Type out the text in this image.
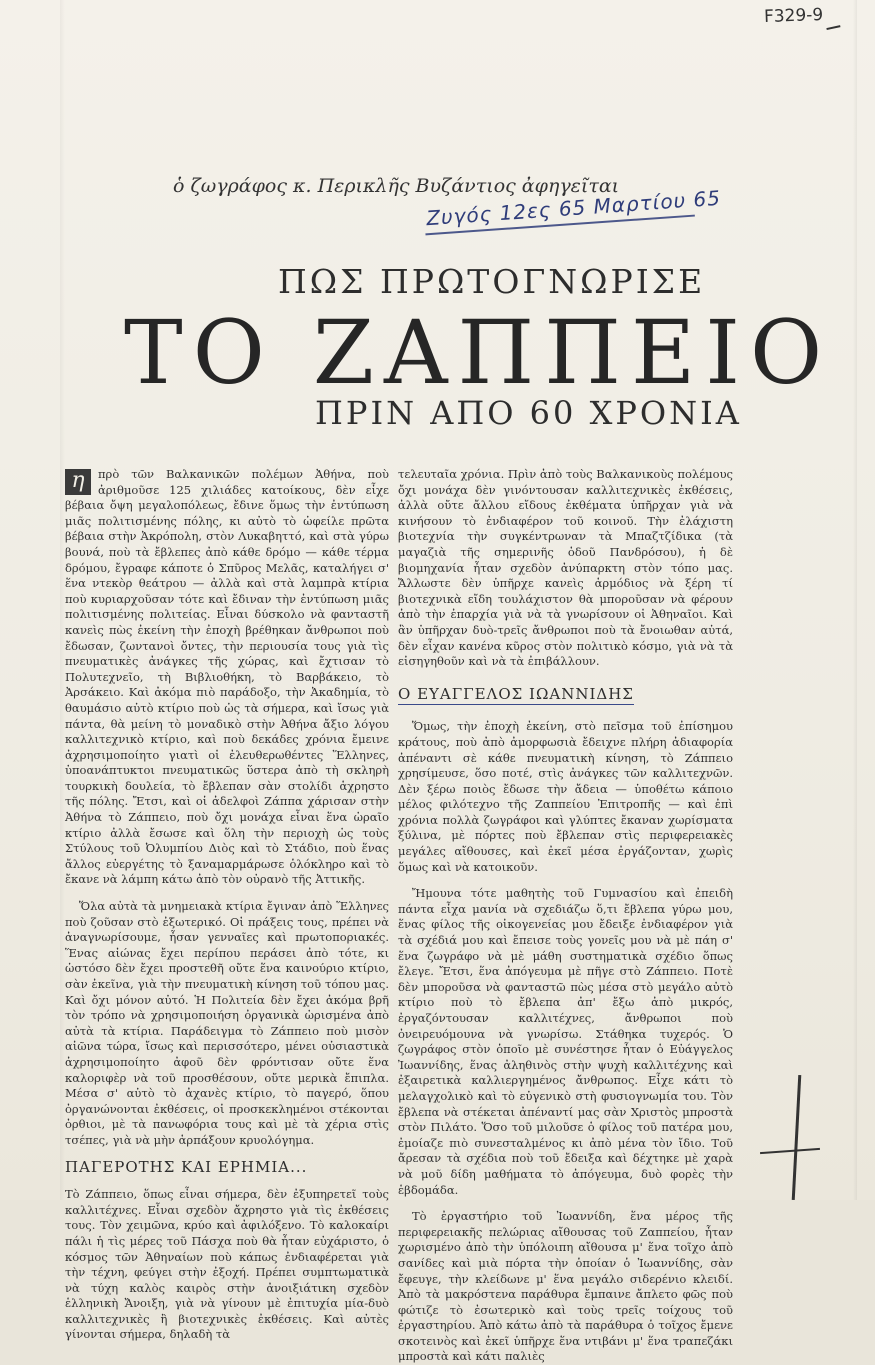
F329-9
ὁ ζωγράφος κ. Περικλῆς Βυζάντιος ἀφηγεῖται
Ζυγός 12ες 65 Μαρτίου 65
ΠΩΣ ΠΡΩΤΟΓΝΩΡΙΣΕ
ΤΟ ΖΑΠΠΕΙΟ
ΠΡΙΝ ΑΠΟ 60 ΧΡΟΝΙΑ

η	πρὸ τῶν Βαλκανικῶν πολέμων Ἀθήνα, ποὺ ἀριθμοῦσε 125 χιλιάδες κατοίκους, δὲν εἶχε βέβαια ὄψη μεγαλοπόλεως, ἔδινε ὅμως τὴν ἐντύπωση μιᾶς πολιτισμένης πόλης, κι αὐτὸ τὸ ὠφείλε πρῶτα βέβαια στὴν Ἀκρόπολη, στὸν Λυκαβηττό, καὶ στὰ γύρω βουνά, ποὺ τὰ ἔβλεπες ἀπὸ κάθε δρόμο — κάθε τέρμα δρόμου, ἔγραφε κάποτε ὁ Σπῦρος Μελᾶς, καταλήγει σ' ἕνα ντεκὸρ θεάτρου — ἀλλὰ καὶ στὰ λαμπρὰ κτίρια ποὺ κυριαρχοῦσαν τότε καὶ ἔδιναν τὴν ἐντύπωση μιᾶς πολιτισμένης πολιτείας. Εἶναι δύσκολο νὰ φανταστῆ κανεὶς πὼς ἐκείνη τὴν ἐποχὴ βρέθηκαν ἄνθρωποι ποὺ ἔδωσαν, ζωντανοὶ ὄντες, τὴν περιουσία τους γιὰ τὶς πνευματικὲς ἀνάγκες τῆς χώρας, καὶ ἔχτισαν τὸ Πολυτεχνεῖο, τὴ Βιβλιοθήκη, τὸ Βαρβάκειο, τὸ Ἀρσάκειο. Καὶ ἀκόμα πιὸ παράδοξο, τὴν Ἀκαδημία, τὸ θαυμάσιο αὐτὸ κτίριο ποὺ ὡς τὰ σήμερα, καὶ ἴσως γιὰ πάντα, θὰ μείνη τὸ μοναδικὸ στὴν Ἀθήνα ἄξιο λόγου καλλιτεχνικὸ κτίριο, καὶ ποὺ δεκάδες χρόνια ἔμεινε ἀχρησιμοποίητο γιατὶ οἱ ἐλευθερωθέντες Ἕλληνες, ὑποανάπτυκτοι πνευματικῶς ὕστερα ἀπὸ τὴ σκληρὴ τουρκικὴ δουλεία, τὸ ἔβλεπαν σὰν στολίδι ἁχρηστο τῆς πόλης. Ἔτσι, καὶ οἱ ἀδελφοὶ Ζάππα χάρισαν στὴν Ἀθήνα τὸ Ζάππειο, ποὺ ὄχι μονάχα εἶναι ἕνα ὡραῖο κτίριο ἀλλὰ ἔσωσε καὶ ὅλη τὴν περιοχὴ ὡς τοὺς Στύλους τοῦ Ὀλυμπίου Διὸς καὶ τὸ Στάδιο, ποὺ ἕνας ἄλλος εὐεργέτης τὸ ξαναμαρμάρωσε ὁλόκληρο καὶ τὸ ἔκανε νὰ λάμπη κάτω ἀπὸ τὸν οὐρανὸ τῆς Ἀττικῆς.

Ὅλα αὐτὰ τὰ μνημειακὰ κτίρια ἔγιναν ἀπὸ Ἕλληνες ποὺ ζοῦσαν στὸ ἐξωτερικό. Οἱ πράξεις τους, πρέπει νὰ ἀναγνωρίσουμε, ἦσαν γενναῖες καὶ πρωτοποριακές. Ἕνας αἰώνας ἔχει περίπου περάσει ἀπὸ τότε, κι ὡστόσο δὲν ἔχει προστεθῆ οὔτε ἕνα καινούριο κτίριο, σὰν ἐκεῖνα, γιὰ τὴν πνευματικὴ κίνηση τοῦ τόπου μας. Καὶ ὄχι μόνον αὐτό. Ἡ Πολιτεία δὲν ἔχει ἀκόμα βρῆ τὸν τρόπο νὰ χρησιμοποιήση ὀργανικὰ ὡρισμένα ἀπὸ αὐτὰ τὰ κτίρια. Παράδειγμα τὸ Ζάππειο ποὺ μισὸν αἰῶνα τώρα, ἴσως καὶ περισσότερο, μένει οὐσιαστικὰ ἀχρησιμοποίητο ἀφοῦ δὲν φρόντισαν οὔτε ἕνα καλοριφὲρ νὰ τοῦ προσθέσουν, οὔτε μερικὰ ἔπιπλα. Μέσα σ' αὐτὸ τὸ ἀχανὲς κτίριο, τὸ παγερό, ὅπου ὀργανώνονται ἐκθέσεις, οἱ προσκεκλημένοι στέκονται ὀρθιοι, μὲ τὰ πανωφόρια τους καὶ μὲ τὰ χέρια στὶς τσέπες, γιὰ νὰ μὴν ἁρπάξουν κρυολόγημα.

ΠΑΓΕΡΟΤΗΣ ΚΑΙ ΕΡΗΜΙΑ...

Τὸ Ζάππειο, ὅπως εἶναι σήμερα, δὲν ἐξυπηρετεῖ τοὺς καλλιτέχνες. Εἶναι σχεδὸν ἄχρηστο γιὰ τὶς ἐκθέσεις τους. Τὸν χειμῶνα, κρύο καὶ ἀφιλόξενο. Τὸ καλοκαίρι πάλι ἡ τὶς μέρες τοῦ Πάσχα ποὺ θὰ ἦταν εὐχάριστο, ὁ κόσμος τῶν Ἀθηναίων ποὺ κάπως ἐνδιαφέρεται γιὰ τὴν τέχνη, φεύγει στὴν ἐξοχή. Πρέπει συμπτωματικὰ νὰ τύχη καλὸς καιρὸς στὴν ἀνοιξιάτικη σχεδὸν ἑλληνικὴ Ἄνοιξη, γιὰ νὰ γίνουν μὲ ἐπιτυχία μία-δυὸ καλλιτεχνικὲς ἢ βιοτεχνικὲς ἐκθέσεις. Καὶ αὐτὲς γίνονται σήμερα, δηλαδὴ τὰ

τελευταῖα χρόνια. Πρὶν ἀπὸ τοὺς Βαλκανικοὺς πολέμους ὄχι μονάχα δὲν γινόντουσαν καλλιτεχνικὲς ἐκθέσεις, ἀλλὰ οὔτε ἄλλου εἴδους ἐκθέματα ὑπῆρχαν γιὰ νὰ κινήσουν τὸ ἐνδιαφέρον τοῦ κοινοῦ. Τὴν ἐλάχιστη βιοτεχνία τὴν συγκέντρωναν τὰ Μπαζτζίδικα (τὰ μαγαζιὰ τῆς σημερινῆς ὁδοῦ Πανδρόσου), ἡ δὲ βιομηχανία ἦταν σχεδὸν ἀνύπαρκτη στὸν τόπο μας. Ἄλλωστε δὲν ὑπῆρχε κανεὶς ἁρμόδιος νὰ ξέρη τί βιοτεχνικὰ εἴδη τουλάχιστον θὰ μποροῦσαν νὰ φέρουν ἀπὸ τὴν ἐπαρχία γιὰ νὰ τὰ γνωρίσουν οἱ Ἀθηναῖοι. Καὶ ἂν ὑπῆρχαν δυὸ-τρεῖς ἄνθρωποι ποὺ τὰ ἔνοιωθαν αὐτά, δὲν εἶχαν κανένα κῦρος στὸν πολιτικὸ κόσμο, γιὰ νὰ τὰ εἰσηγηθοῦν καὶ νὰ τὰ ἐπιβάλλουν.

Ο ΕΥΑΓΓΕΛΟΣ ΙΩΑΝΝΙΔΗΣ

Ὅμως, τὴν ἐποχὴ ἐκείνη, στὸ πεῖσμα τοῦ ἐπίσημου κράτους, ποὺ ἀπὸ ἀμορφωσιὰ ἔδειχνε πλήρη ἀδιαφορία ἀπέναντι σὲ κάθε πνευματικὴ κίνηση, τὸ Ζάππειο χρησίμευσε, ὅσο ποτέ, στὶς ἀνάγκες τῶν καλλιτεχνῶν. Δὲν ξέρω ποιὸς ἔδωσε τὴν ἄδεια — ὑποθέτω κάποιο μέλος φιλότεχνο τῆς Ζαππείου Ἐπιτροπῆς — καὶ ἐπὶ χρόνια πολλὰ ζωγράφοι καὶ γλύπτες ἔκαναν χωρίσματα ξύλινα, μὲ πόρτες ποὺ ἔβλεπαν στὶς περιφερειακὲς μεγάλες αἴθουσες, καὶ ἐκεῖ μέσα ἐργάζονταν, χωρὶς ὅμως καὶ νὰ κατοικοῦν.

Ἤμουνα τότε μαθητὴς τοῦ Γυμνασίου καὶ ἐπειδὴ πάντα εἶχα μανία νὰ σχεδιάζω ὅ,τι ἔβλεπα γύρω μου, ἕνας φίλος τῆς οἰκογενείας μου ἔδειξε ἐνδιαφέρον γιὰ τὰ σχέδιά μου καὶ ἔπεισε τοὺς γονεῖς μου νὰ μὲ πάη σ' ἕνα ζωγράφο νὰ μὲ μάθη συστηματικὰ σχέδιο ὅπως ἔλεγε. Ἔτσι, ἕνα ἀπόγευμα μὲ πῆγε στὸ Ζάππειο. Ποτὲ δὲν μποροῦσα νὰ φανταστῶ πὼς μέσα στὸ μεγάλο αὐτὸ κτίριο ποὺ τὸ ἔβλεπα ἀπ' ἔξω ἀπὸ μικρός, ἐργαζόντουσαν καλλιτέχνες, ἄνθρωποι ποὺ ὀνειρευόμουνα νὰ γνωρίσω. Στάθηκα τυχερός. Ὁ ζωγράφος στὸν ὁποῖο μὲ συνέστησε ἦταν ὁ Εὐάγγελος Ἰωαννίδης, ἕνας ἀληθινὸς στὴν ψυχὴ καλλιτέχνης καὶ ἐξαιρετικὰ καλλιεργημένος ἄνθρωπος. Εἶχε κάτι τὸ μελαγχολικὸ καὶ τὸ εὐγενικὸ στὴ φυσιογνωμία του. Τὸν ἔβλεπα νὰ στέκεται ἀπέναντί μας σὰν Χριστὸς μπροστὰ στὸν Πιλάτο. Ὅσο τοῦ μιλοῦσε ὁ φίλος τοῦ πατέρα μου, ἐμοίαζε πιὸ συνεσταλμένος κι ἀπὸ μένα τὸν ἴδιο. Τοῦ ἄρεσαν τὰ σχέδια ποὺ τοῦ ἔδειξα καὶ δέχτηκε μὲ χαρὰ νὰ μοῦ δίδη μαθήματα τὸ ἀπόγευμα, δυὸ φορὲς τὴν ἑβδομάδα.

Τὸ ἐργαστήριο τοῦ Ἰωαννίδη, ἕνα μέρος τῆς περιφερειακῆς πελώριας αἴθουσας τοῦ Ζαππείου, ἦταν χωρισμένο ἀπὸ τὴν ὑπόλοιπη αἴθουσα μ' ἕνα τοῖχο ἀπὸ σανίδες καὶ μιὰ πόρτα τὴν ὁποίαν ὁ Ἰωαννίδης, σὰν ἔφευγε, τὴν κλείδωνε μ' ἕνα μεγάλο σιδερένιο κλειδί. Ἀπὸ τὰ μακρόστενα παράθυρα ἔμπαινε ἄπλετο φῶς ποὺ φώτιζε τὸ ἐσωτερικὸ καὶ τοὺς τρεῖς τοίχους τοῦ ἐργαστηρίου. Ἀπὸ κάτω ἀπὸ τὰ παράθυρα ὁ τοῖχος ἔμενε σκοτεινὸς καὶ ἐκεῖ ὑπῆρχε ἕνα ντιβάνι μ' ἕνα τραπεζάκι μπροστὰ καὶ κάτι παλιὲς
